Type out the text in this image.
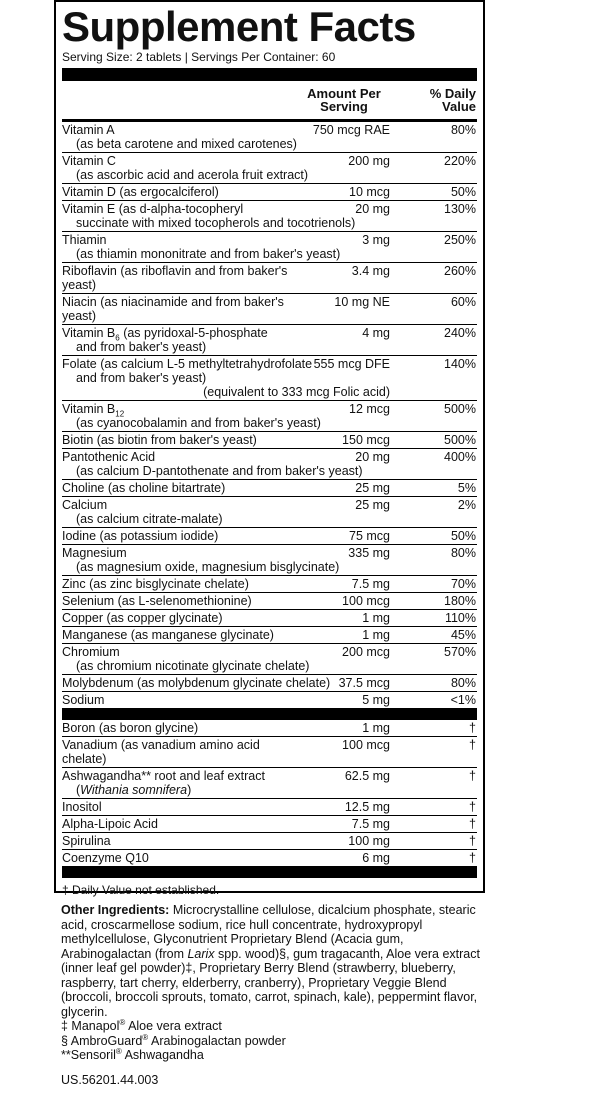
Supplement Facts
Serving Size: 2 tablets | Servings Per Container: 60
Amount Per
Serving
% Daily
Value
Vitamin A
(as beta carotene and mixed carotenes)
750 mcg RAE	80%
Vitamin C
(as ascorbic acid and acerola fruit extract)
200 mg	220%
Vitamin D (as ergocalciferol)	10 mcg	50%
Vitamin E (as d-alpha-tocopheryl
succinate with mixed tocopherols and tocotrienols)
20 mg	130%
Thiamin
(as thiamin mononitrate and from baker's yeast)
3 mg	250%
Riboflavin (as riboflavin and from baker's yeast)
3.4 mg	260%
Niacin (as niacinamide and from baker's yeast)
10 mg NE	60%
Vitamin $B_6$ (as pyridoxal-5-phosphate
and from baker's yeast)
4 mg	240%
Folate (as calcium L-5 methyltetrahydrofolate
and from baker's yeast)
(equivalent to 333 mcg Folic acid)
555 mcg DFE	140%
Vitamin $B_{12}$
(as cyanocobalamin and from baker's yeast)
12 mcg	500%
Biotin (as biotin from baker's yeast)	150 mcg	500%
Pantothenic Acid
(as calcium D-pantothenate and from baker's yeast)
20 mg	400%
Choline (as choline bitartrate)	25 mg	5%
Calcium
(as calcium citrate-malate)
25 mg	2%
Iodine (as potassium iodide)	75 mcg	50%
Magnesium
(as magnesium oxide, magnesium bisglycinate)
335 mg	80%
Zinc (as zinc bisglycinate chelate)	7.5 mg	70%
Selenium (as L-selenomethionine)	100 mcg	180%
Copper (as copper glycinate)	1 mg	110%
Manganese (as manganese glycinate)	1 mg	45%
Chromium
(as chromium nicotinate glycinate chelate)
200 mcg	570%
Molybdenum (as molybdenum glycinate chelate) 37.5 mcg	80%
Sodium	5 mg	<1%
Boron (as boron glycine)	1 mg	†
Vanadium (as vanadium amino acid chelate)
100 mcg	†
Ashwagandha** root and leaf extract
(Withania somnifera)
62.5 mg	†
Inositol	12.5 mg	†
Alpha-Lipoic Acid	7.5 mg	†
Spirulina	100 mg	†
Coenzyme Q10	6 mg	†
† Daily Value not established.
Other Ingredients: Microcrystalline cellulose, dicalcium phosphate, stearic acid, croscarmellose sodium, rice hull concentrate, hydroxypropyl methylcellulose, Glyconutrient Proprietary Blend (Acacia gum, Arabinogalactan (from Larix spp. wood)§, gum tragacanth, Aloe vera extract (inner leaf gel powder)‡, Proprietary Berry Blend (strawberry, blueberry, raspberry, tart cherry, elderberry, cranberry), Proprietary Veggie Blend (broccoli, broccoli sprouts, tomato, carrot, spinach, kale), peppermint flavor, glycerin.
‡ Manapol® Aloe vera extract
§ AmbroGuard® Arabinogalactan powder
**Sensoril® Ashwagandha
US.56201.44.003
